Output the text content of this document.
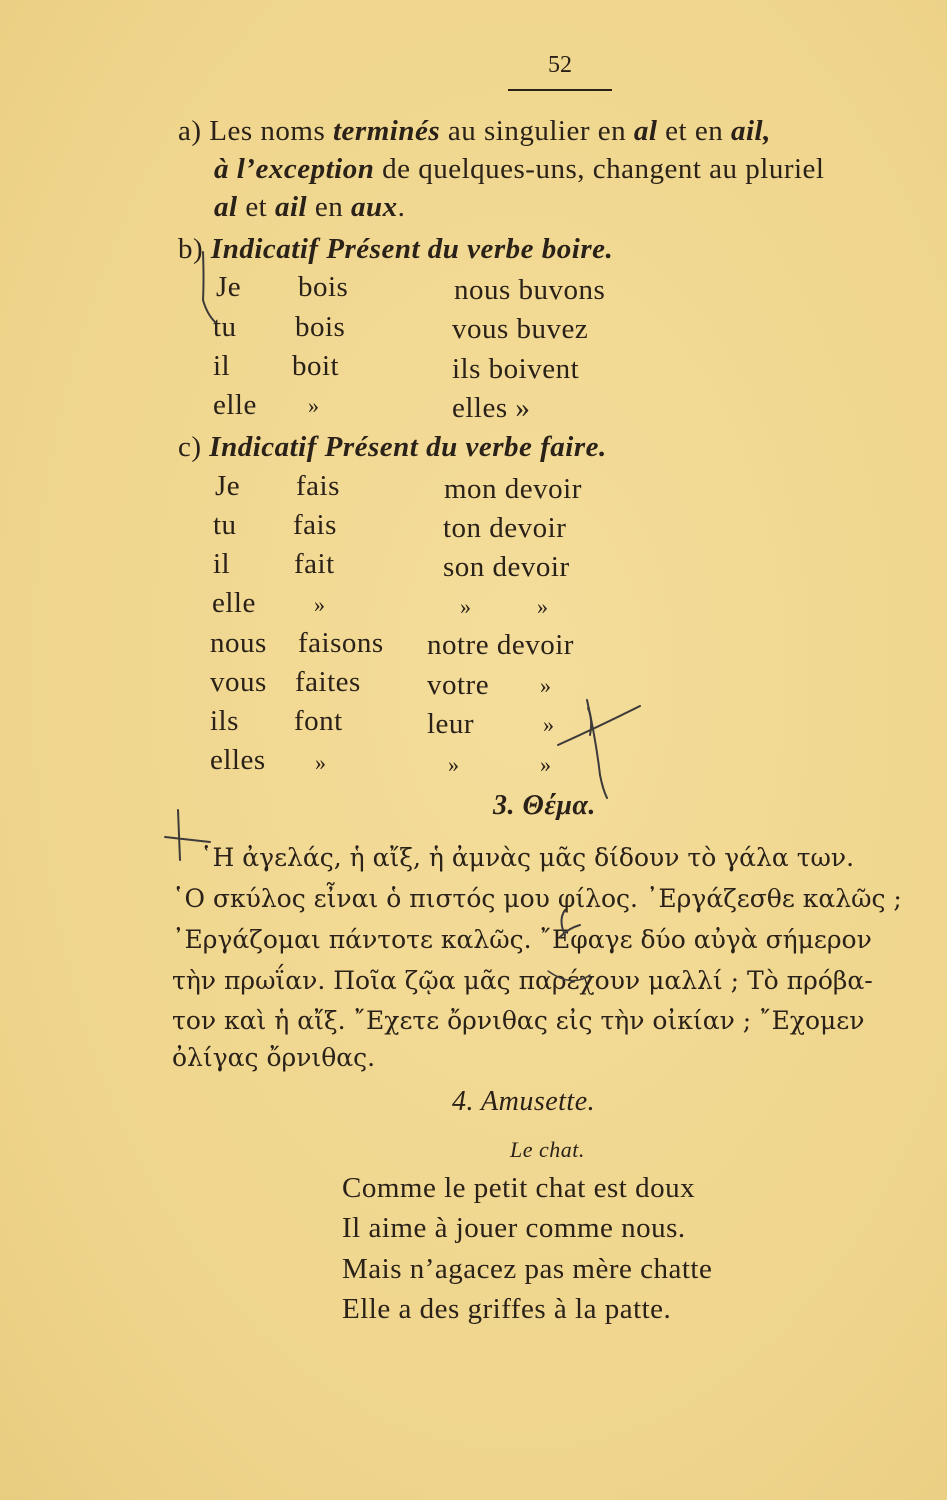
52
a) Les noms terminés au singulier en al et en ail,
à l’exception de quelques-uns, changent au pluriel
al et ail en aux.
b) Indicatif Présent du verbe boire.
Je bois	nous buvons
tu bois	vous buvez
il boit	ils boivent
elle »	elles »
c) Indicatif Présent du verbe faire.
Je fais	mon devoir
tu fais	ton devoir
il fait	son devoir
elle	»	»	»
nous faisons notre devoir
vous faites votre »
ils font	leur	»
elles »	»	»
3. Θέμα.
῾Η ἀγελάς, ἡ αἴξ, ἡ ἀμνὰς μᾶς δίδουν τὸ γάλα των.
῾Ο σκύλος εἶναι ὁ πιστός μου φίλος. ᾿Εργάζεσθε καλῶς ;
᾿Εργάζομαι πάντοτε καλῶς. ῎Εφαγε δύο αὐγὰ σήμερον
τὴν πρωΐαν. Ποῖα ζῷα μᾶς παρέχουν μαλλί ; Τὸ πρόβα-
τον καὶ ἡ αἴξ. ῎Εχετε ὄρνιθας εἰς τὴν οἰκίαν ; ῎Εχομεν
ὀλίγας ὄρνιθας.
4. Amusette.
Le chat.
Comme le petit chat est doux
Il aime à jouer comme nous.
Mais n’agacez pas mère chatte
Elle a des griffes à la patte.
